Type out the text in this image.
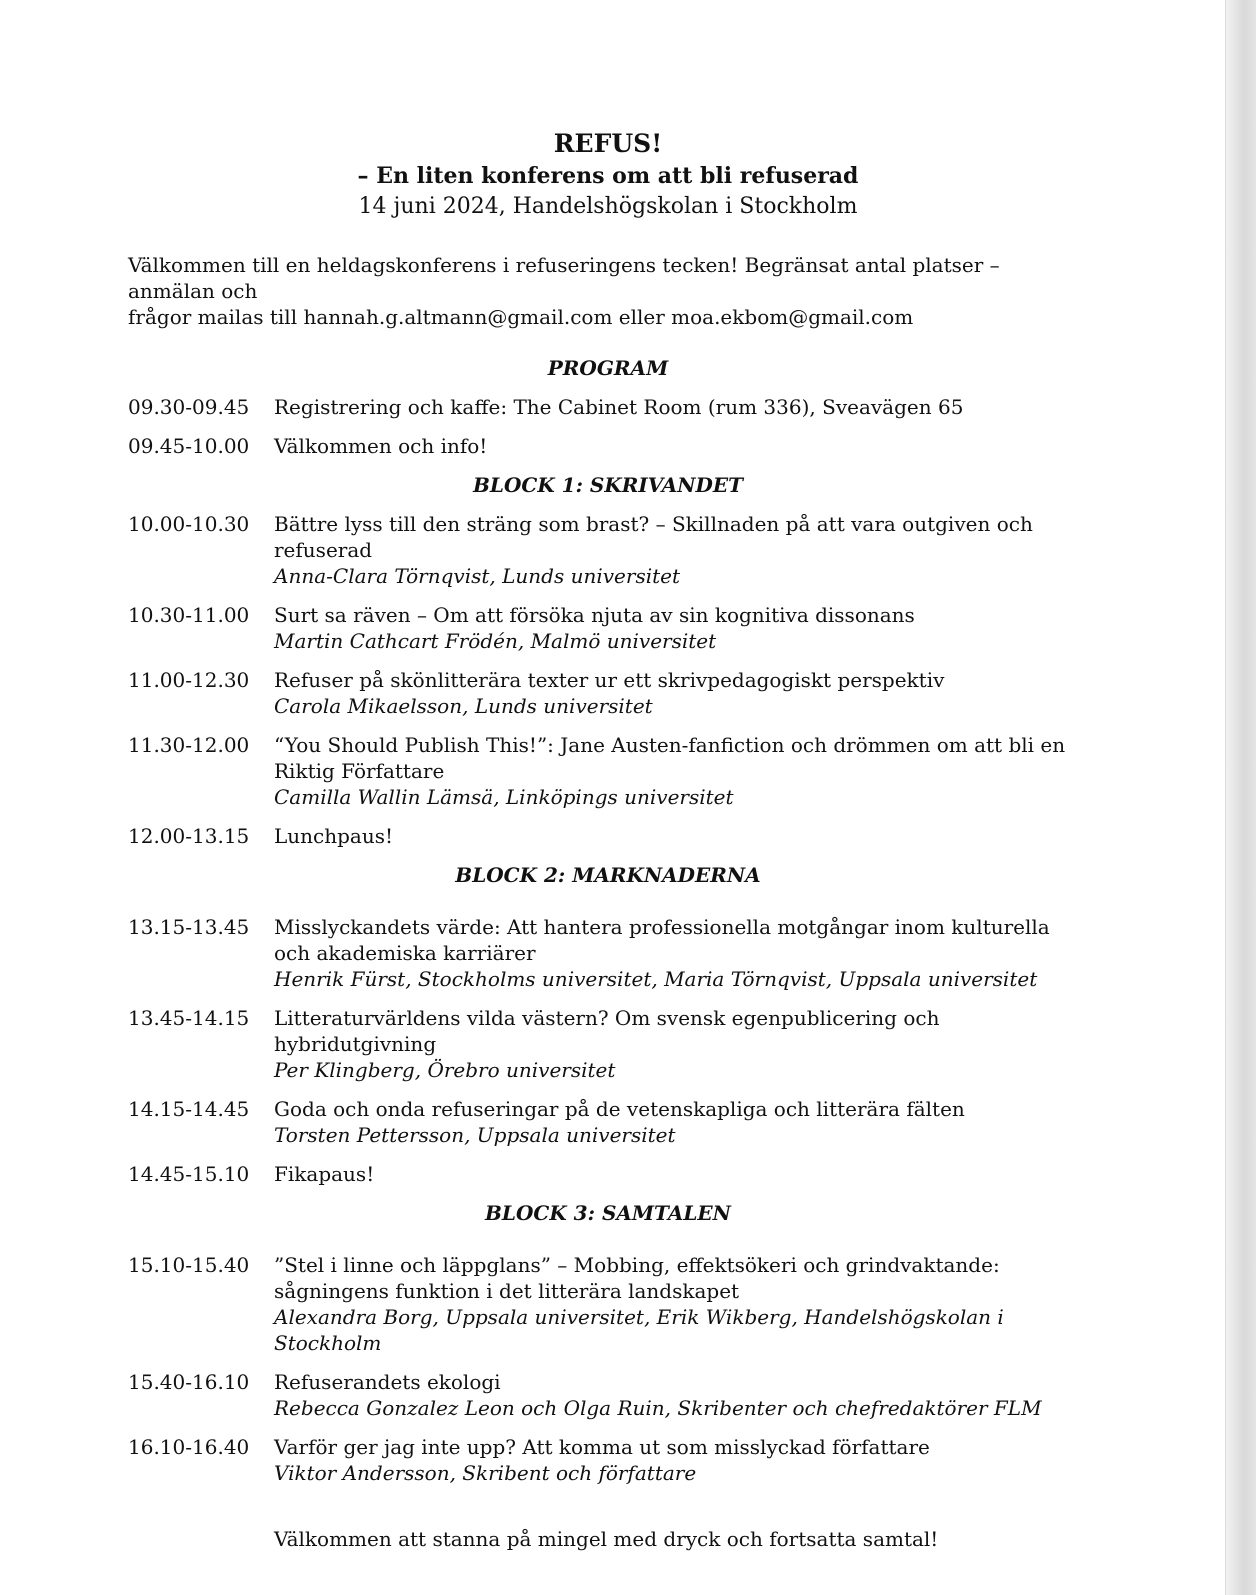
REFUS!
– En liten konferens om att bli refuserad
14 juni 2024, Handelshögskolan i Stockholm
Välkommen till en heldagskonferens i refuseringens tecken! Begränsat antal platser – anmälan och
frågor mailas till hannah.g.altmann@gmail.com eller moa.ekbom@gmail.com
PROGRAM
09.30-09.45	Registrering och kaffe: The Cabinet Room (rum 336), Sveavägen 65
09.45-10.00	Välkommen och info!
BLOCK 1: SKRIVANDET
10.00-10.30	Bättre lyss till den sträng som brast? – Skillnaden på att vara outgiven och refuserad
Anna-Clara Törnqvist, Lunds universitet
10.30-11.00	Surt sa räven – Om att försöka njuta av sin kognitiva dissonans
Martin Cathcart Frödén, Malmö universitet
11.00-12.30	Refuser på skönlitterära texter ur ett skrivpedagogiskt perspektiv
Carola Mikaelsson, Lunds universitet
11.30-12.00	“You Should Publish This!”: Jane Austen-fanfiction och drömmen om att bli en Riktig Författare
Camilla Wallin Lämsä, Linköpings universitet
12.00-13.15	Lunchpaus!
BLOCK 2: MARKNADERNA
13.15-13.45	Misslyckandets värde: Att hantera professionella motgångar inom kulturella och akademiska karriärer
Henrik Fürst, Stockholms universitet, Maria Törnqvist, Uppsala universitet
13.45-14.15	Litteraturvärldens vilda västern? Om svensk egenpublicering och hybridutgivning
Per Klingberg, Örebro universitet
14.15-14.45	Goda och onda refuseringar på de vetenskapliga och litterära fälten
Torsten Pettersson, Uppsala universitet
14.45-15.10	Fikapaus!
BLOCK 3: SAMTALEN
15.10-15.40	”Stel i linne och läppglans” – Mobbing, effektsökeri och grindvaktande: sågningens funktion i det litterära landskapet
Alexandra Borg, Uppsala universitet, Erik Wikberg, Handelshögskolan i Stockholm
15.40-16.10	Refuserandets ekologi
Rebecca Gonzalez Leon och Olga Ruin, Skribenter och chefredaktörer FLM
16.10-16.40	Varför ger jag inte upp? Att komma ut som misslyckad författare
Viktor Andersson, Skribent och författare
Välkommen att stanna på mingel med dryck och fortsatta samtal!
